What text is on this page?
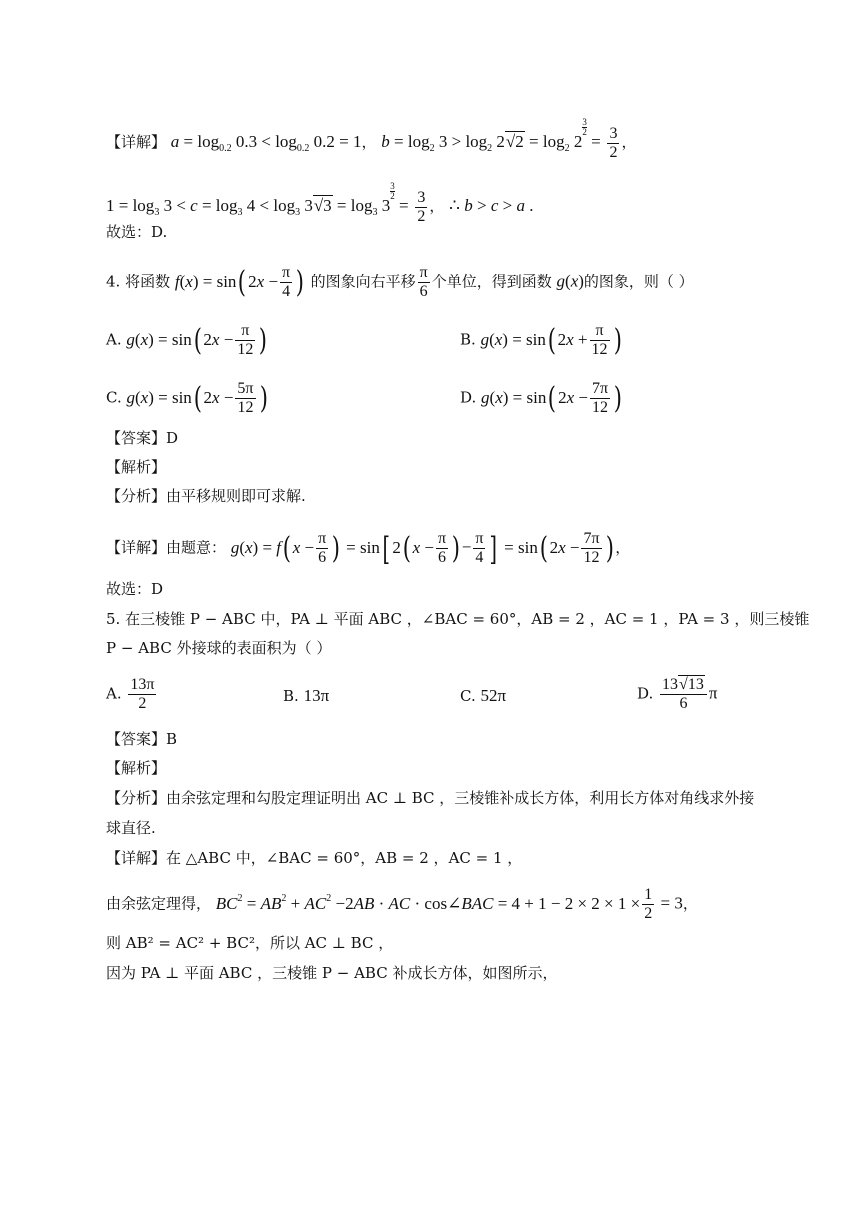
【详解】 $a = \log_{0.2} 0.3 < \log_{0.2} 0.2 = 1$， $b = \log_2 3 > \log_2 2√2 = \log_2 2$
$\frac{3}{2}$
= $\frac{3}{2}$ ，
$1 = \log_3 3 < c = \log_3 4 < \log_3 3√3 = \log_3 3$
$\frac{3}{2}$
= $\frac{3}{2}$ ， ∴ b > c > a .
故选：D.
4. 将函数 f(x) = sin( $2x - \frac{\pi}{4}$ ) 的图象向右平移 $\frac{\pi}{6}$ 个单位，得到函数 g(x)的图象，则（ ）
A. g(x) = sin( $2x - \frac{\pi}{12}$ )	B. g(x) = sin( $2x + \frac{\pi}{12}$ )
C. g(x) = sin( $2x - \frac{5\pi}{12}$ )	D. g(x) = sin( $2x - \frac{7\pi}{12}$ )
【答案】D
【解析】
【分析】由平移规则即可求解.
【详解】由题意： g(x) = f( $x - \frac{\pi}{6}$ ) = sin[ 2( $x - \frac{\pi}{6}$ ) − $\frac{\pi}{4}$ ] = sin( $2x - \frac{7\pi}{12}$ ) ，
故选：D
5. 在三棱锥 P − ABC 中，PA ⊥ 平面 ABC ，∠BAC = 60°，AB = 2 ，AC = 1 ，PA = 3 ，则三棱锥
P − ABC 外接球的表面积为（ ）
A. $\frac{13\pi}{2}$	B. 13π	C. 52π	D. $\frac{13√13}{6}$ π
【答案】B
【解析】
【分析】由余弦定理和勾股定理证明出 AC ⊥ BC ，三棱锥补成长方体，利用长方体对角线求外接
球直径.
【详解】在 △ABC 中，∠BAC = 60°，AB = 2 ，AC = 1 ，
由余弦定理得， $BC^2 = AB^2 + AC^2 -2AB$ · AC · cos∠BAC = $4 + 1 - 2 \times 2 \times 1 \times \frac{1}{2} = 3$，
则 AB² = AC² + BC²，所以 AC ⊥ BC ，
因为 PA ⊥ 平面 ABC ，三棱锥 P − ABC 补成长方体，如图所示，
